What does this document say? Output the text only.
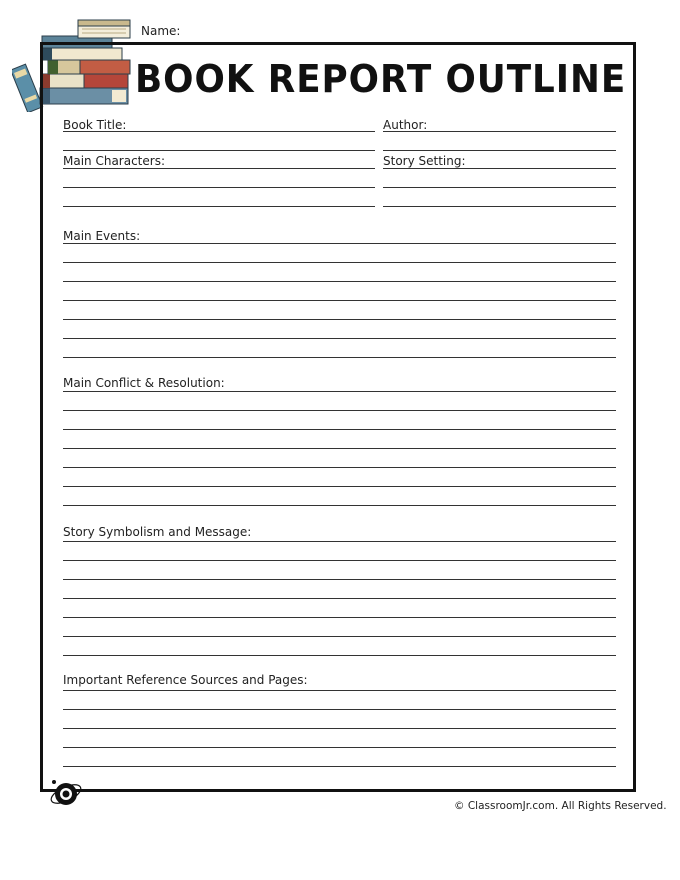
Name:
BOOK REPORT OUTLINE
Book Title:	Author:
Main Characters:	Story Setting:
Main Events:
Main Conflict & Resolution:
Story Symbolism and Message:
Important Reference Sources and Pages:
© ClassroomJr.com. All Rights Reserved.
